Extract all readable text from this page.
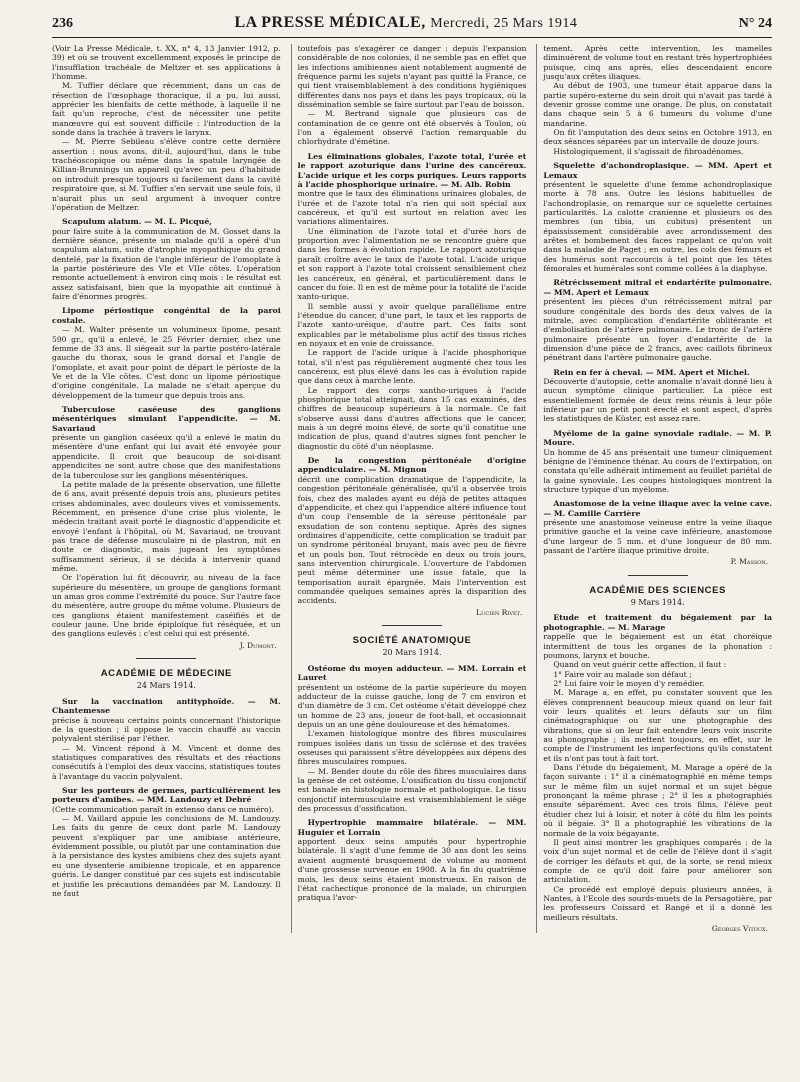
236	LA PRESSE MÉDICALE, Mercredi, 25 Mars 1914	N° 24

(Voir La Presse Médicale, t. XX, n° 4, 13 Janvier 1912, p. 39) et où se trouvent excellemment exposés le principe de l'insufflation trachéale de Meltzer et ses applications à l'homme.

M. Tuffier déclare que récemment, dans un cas de résection de l'œsophage thoracique, il a pu, lui aussi, apprécier les bienfaits de cette méthode, à laquelle il ne fait qu'un reproche, c'est de nécessiter une petite manœuvre qui est souvent difficile : l'introduction de la sonde dans la trachée à travers le larynx.

— M. Pierre Sebileau s'élève contre cette dernière assertion : nous avons, dit-il, aujourd'hui, dans le tube trachéoscopique ou même dans la spatule laryngée de Killian-Brunnings un appareil qu'avec un peu d'habitude on introduit presque toujours si facilement dans la cavité respiratoire que, si M. Tuffier s'en servait une seule fois, il n'aurait plus un seul argument à invoquer contre l'opération de Meltzer.

Scapulum alatum. — M. L. Picqué,

pour faire suite à la communication de M. Gosset dans la dernière séance, présente un malade qu'il a opéré d'un scapulum alatum, suite d'atrophie myopathique du grand dentelé, par la fixation de l'angle inférieur de l'omoplate à la partie postérieure des VIe et VIIe côtes. L'opération remonte actuellement à environ cinq mois : le résultat est assez satisfaisant, bien que la myopathie ait continué à faire d'énormes progrès.

Lipome périostique congénital de la paroi costale.

— M. Walter présente un volumineux lipome, pesant 590 gr., qu'il a enlevé, le 25 Février dernier, chez une femme de 33 ans. Il siégeait sur la partie postéro-latérale gauche du thorax, sous le grand dorsal et l'angle de l'omoplate, et avait pour point de départ le périoste de la Ve et de la VIe côtes. C'est donc un lipome périostique d'origine congénitale. La malade ne s'était aperçue du développement de la tumeur que depuis trois ans.

Tuberculose caséeuse des ganglions mésentériques simulant l'appendicite. — M. Savariaud

présente un ganglion caséeux qu'il a enlevé le matin du mésentère d'une enfant qui lui avait été envoyée pour appendicite. Il croit que beaucoup de soi-disant appendicites ne sont autre chose que des manifestations de la tuberculose sur les ganglions mésentériques.

La petite malade de la présente observation, une fillette de 6 ans, avait présenté depuis trois ans, plusieurs petites crises abdominales, avec douleurs vives et vomissements. Récemment, en présence d'une crise plus violente, le médecin traitant avait porté le diagnostic d'appendicite et envoyé l'enfant à l'hôpital, où M. Savariaud, ne trouvant pas trace de défense musculaire ni de plastron, mit en doute ce diagnostic, mais jugeant les symptômes suffisamment sérieux, il se décida à intervenir quand même.

Or l'opération lui fit découvrir, au niveau de la face supérieure du mésentère, un groupe de ganglions formant un amas gros comme l'extrémité du pouce. Sur l'autre face du mésentère, autre groupe du même volume. Plusieurs de ces ganglions étaient manifestement caséifiés et de couleur jaune. Une bride épiploïque fut réséquée, et un des ganglions eulevés : c'est celui qui est présenté.

J. Dumont.
ACADÉMIE DE MÉDECINE
24 Mars 1914.
Sur la vaccination antityphoïde. — M. Chantemesse

précise à nouveau certains points concernant l'historique de la question ; il oppose le vaccin chauffé au vaccin polyvalent stérilisé par l'éther.

— M. Vincent répond à M. Vincent et donne des statistiques comparatives des résultats et des réactions consécutifs à l'emploi des deux vaccins, statistiques toutes à l'avantage du vaccin polyvalent.

Sur les porteurs de germes, particulièrement les porteurs d'amibes. — MM. Landouzy et Debré

(Cette communication paraît in extenso dans ce numéro).

— M. Vaillard appuie les conclusions de M. Landouzy. Les faits du genre de ceux dont parle M. Landouzy peuvent s'expliquer par une amibiase antérieure, évidemment possible, ou plutôt par une contamination due à la persistance des kystes amibiens chez des sujets ayant eu une dysenterie amibienne tropicale, et en apparence guéris. Le danger constitué par ces sujets est indiscutable et justifie les précautions demandées par M. Landouzy. Il ne faut

toutefois pas s'exagérer ce danger : depuis l'expansion considérable de nos colonies, il ne semble pas en effet que les infections amibiennes aient notablement augmenté de fréquence parmi les sujets n'ayant pas quitté la France, ce qui tient vraisemblablement à des conditions hygiéniques différentes dans nos pays et dans les pays tropicaux, où la dissémination semble se faire surtout par l'eau de boisson.

— M. Bertrand signale que plusieurs cas de contamination de ce genre ont été observés à Toulon, où l'on a également observé l'action remarquable du chlorhydrate d'émétine.

Les éliminations globales, l'azote total, l'urée et le rapport azoturique dans l'urine des cancéreux. L'acide urique et les corps puriques. Leurs rapports à l'acide phosphorique urinaire. — M. Alb. Robin

montre que le taux des éliminations urinaires globales, de l'urée et de l'azote total n'a rien qui soit spécial aux cancéreux, et qu'il est surtout en relation avec les variations alimentaires.

Une élimination de l'azote total et d'urée hors de proportion avec l'alimentation ne se rencontre guère que dans les formes à évolution rapide. Le rapport azoturique paraît croître avec le taux de l'azote total. L'acide urique et son rapport à l'azote total croissent sensiblement chez les cancéreux, en général, et particulièrement dans le cancer du foie. Il en est de même pour la totalité de l'acide xanto-urique.

Il semble aussi y avoir quelque parallélisme entre l'étendue du cancer, d'une part, le taux et les rapports de l'azote xanto-uréique, d'autre part. Ces faits sont explicables par le métabolisme plus actif des tissus riches en noyaux et en voie de croissance.

Le rapport de l'acide urique à l'acide phosphorique total, s'il n'est pas régulièrement augmenté chez tous les cancéreux, est plus élevé dans les cas à évolution rapide que dans ceux à marche lente.

Le rapport des corps xantho-uriques à l'acide phosphorique total atteignait, dans 15 cas examinés, des chiffres de beaucoup supérieurs à la normale. Ce fait s'observe aussi dans d'autres affections que le cancer, mais à un degré moins élevé, de sorte qu'il constitue une indication de plus, quand d'autres signes font pencher le diagnostic du côté d'un néoplasme.

De la congestion péritonéale d'origine appendiculaire. — M. Mignon

décrit une complication dramatique de l'appendicite, la congestion péritonéale généralisée, qu'il a observée trois fois, chez des malades ayant eu déjà de petites attaques d'appendicite, et chez qui l'appendice altéré influence tout d'un coup l'ensemble de la séreuse péritonéale par exsudation de son contenu septique. Après des signes ordinaires d'appendicite, cette complication se traduit par un syndrome péritonéal bruyant, mais avec peu de fièvre et un pouls bon. Tout rétrocède en deux ou trois jours, sans intervention chirurgicale. L'ouverture de l'abdomen peut même déterminer une issue fatale, que la temporisation aurait épargnée. Mais l'intervention est commandée quelques semaines après la disparition des accidents.

Lucien Rivet.
SOCIÉTÉ ANATOMIQUE
20 Mars 1914.
Ostéome du moyen adducteur. — MM. Lorrain et Lauret

présentent un ostéome de la partie supérieure du moyen adducteur de la cuisse gauche, long de 7 cm environ et d'un diamètre de 3 cm. Cet ostéome s'était développé chez un homme de 23 ans, joueur de foot-ball, et occasionnait depuis un an une gêne douloureuse et des hématomes.

L'examen histologique montre des fibres musculaires rompues isolées dans un tissu de sclérose et des travées osseuses qui paraissent s'être développées aux dépens des fibres musculaires rompues.

— M. Bender doute du rôle des fibres musculaires dans la genèse de cet ostéome. L'ossification du tissu conjonctif est banale en histologie normale et pathologique. Le tissu conjonctif intermusculaire est vraisemblablement le siège des processus d'ossification.

Hypertrophie mammaire bilatérale. — MM. Huguier et Lorrain

apportent deux seins amputés pour hypertrophie bilatérale. Il s'agit d'une femme de 30 ans dont les seins avaient augmenté brusquement de volume au moment d'une grossesse survenue en 1908. A la fin du quatrième mois, les deux seins étaient monstrueux. En raison de l'état cachectique prononcé de la malade, un chirurgien pratiqua l'avor-

tement. Après cette intervention, les mamelles diminuèrent de volume tout en restant très hypertrophiées puisque, cinq ans après, elles descendaient encore jusqu'aux crêtes iliaques.

Au début de 1903, une tumeur était apparue dans la partie supéro-externe du sein droit qui n'avait pas tardé à devenir grosse comme une orange. De plus, on constatait dans chaque sein 5 à 6 tumeurs du volume d'une mandarine.

On fit l'amputation des deux seins en Octobre 1913, en deux séances séparées par un intervalle de douze jours.

Histologiquement, il s'agissait de fibroadénomes.

Squelette d'achondroplasique. — MM. Apert et Lemaux

présentent le squelette d'une femme achondroplasique morte à 78 ans. Outre les lésions habituelles de l'achondroplasie, on remarque sur ce squelette certaines particularités. La calotte cranienne et plusieurs os des membres (un tibia, un cubitus) présentent un épaississement considérable avec arrondissement des arêtes et bombement des faces rappelant ce qu'on voit dans la maladie de Paget ; en outre, les cols des fémurs et des humérus sont raccourcis à tel point que les têtes fémorales et humérales sont comme collées à la diaphyse.

Rétrécissement mitral et endartérite pulmonaire. — MM. Apert et Lemaux

présentent les pièces d'un rétrécissement mitral par soudure congénitale des bords des deux valves de la mitrale, avec complication d'endartérite oblitérante et d'embolisation de l'artère pulmonaire. Le tronc de l'artère pulmonaire présente un foyer d'endartérite de la dimension d'une pièce de 2 francs, avec caillots fibrineux pénétrant dans l'artère pulmonaire gauche.

Rein en fer à cheval. — MM. Apert et Michel.

Découverte d'autopsie, cette anomalie n'avait donné lieu à aucun symptôme clinique particulier. La pièce est essentiellement formée de deux reins réunis à leur pôle inférieur par un petit pont érecté et sont aspect, d'après les statistiques de Küster, est assez rare.

Myélome de la gaine synoviale radiale. — M. P. Moure.

Un homme de 45 ans présentait une tumeur cliniquement bénigne de l'éminence thénar. Au cours de l'extirpation, on constata qu'elle adhérait intimement au feuillet pariétal de la gaine synoviale. Les coupes histologiques montrent la structure typique d'un myélome.

Anastomose de la veine iliaque avec la veine cave. — M. Camille Carrière

présente une anastomose veineuse entre la veine iliaque primitive gauche et la veine cave inférieure, anastomose d'une largeur de 5 mm. et d'une longueur de 80 mm. passant de l'artère iliaque primitive droite.

P. Masson.
ACADÉMIE DES SCIENCES
9 Mars 1914.
Etude et traitement du bégaiement par la photographie. — M. Marage

rappelle que le bégaiement est un état choréique intermittent de tous les organes de la phonation : poumons, larynx et bouche.

Quand on veut guérir cette affection, il faut :

1° Faire voir au malade son défaut ;

2° Lui faire voir le moyen d'y remédier.

M. Marage a, en effet, pu constater souvent que les élèves comprennent beaucoup mieux quand on leur fait voir leurs qualités et leurs défauts sur un film cinématographique ou sur une photographie des vibrations, que si on leur fait entendre leurs voix inscrite au phonographe ; ils mettent toujours, en effet, sur le compte de l'instrument les imperfections qu'ils constatent et ils n'ont pas tout à fait tort.

Dans l'étude du bégaiement, M. Marage a opéré de la façon suivante : 1° il a cinématographié en même temps sur le même film un sujet normal et un sujet bègue prononçant la même phrase ; 2° il les a photographiés ensuite séparément. Avec ces trois films, l'élève peut étudier chez lui à loisir, et noter à côté du film les points où il bégaie. 3° Il a photographié les vibrations de la normale de la voix bégayante.

Il peut ainsi montrer les graphiques comparés : de la voix d'un sujet normal et de celle de l'élève dont il s'agit de corriger les défauts et qui, de la sorte, se rend mieux compte de ce qu'il doit faire pour améliorer son articulation.

Ce procédé est employé depuis plusieurs années, à Nantes, à l'Ecole des sourds-muets de la Persagotière, par les professeurs Coissard et Rangé et il a donné les meilleurs résultats.

Georges Vitoux.
